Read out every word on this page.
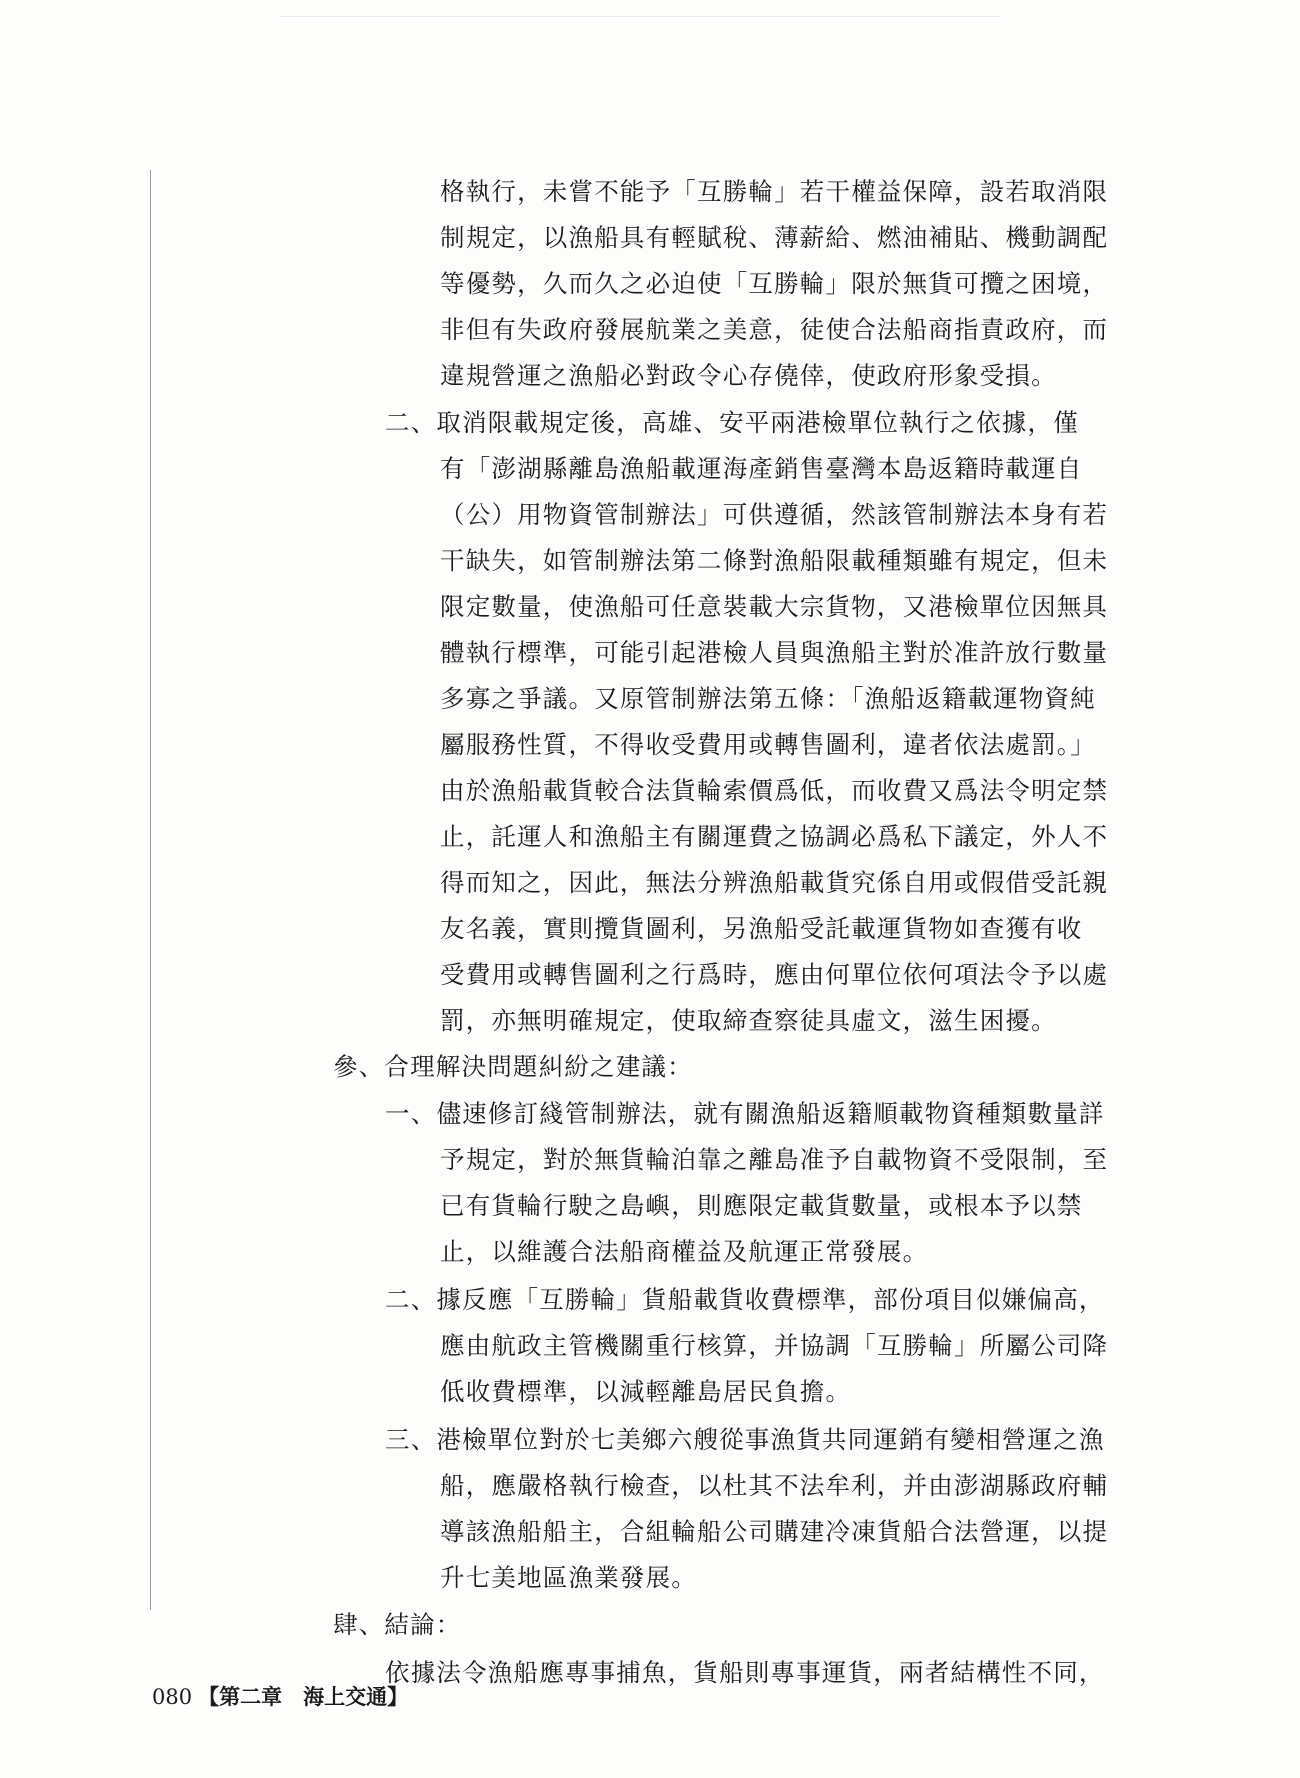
格執行，未嘗不能予「互勝輪」若干權益保障，設若取消限
制規定，以漁船具有輕賦稅、薄薪給、燃油補貼、機動調配
等優勢，久而久之必迫使「互勝輪」限於無貨可攬之困境，
非但有失政府發展航業之美意，徒使合法船商指責政府，而
違規營運之漁船必對政令心存僥倖，使政府形象受損。
二、取消限載規定後，高雄、安平兩港檢單位執行之依據，僅
有「澎湖縣離島漁船載運海產銷售臺灣本島返籍時載運自
（公）用物資管制辦法」可供遵循，然該管制辦法本身有若
干缺失，如管制辦法第二條對漁船限載種類雖有規定，但未
限定數量，使漁船可任意裝載大宗貨物，又港檢單位因無具
體執行標準，可能引起港檢人員與漁船主對於准許放行數量
多寡之爭議。又原管制辦法第五條：「漁船返籍載運物資純
屬服務性質，不得收受費用或轉售圖利，違者依法處罰。」
由於漁船載貨較合法貨輪索價爲低，而收費又爲法令明定禁
止，託運人和漁船主有關運費之協調必爲私下議定，外人不
得而知之，因此，無法分辨漁船載貨究係自用或假借受託親
友名義，實則攬貨圖利，另漁船受託載運貨物如查獲有收
受費用或轉售圖利之行爲時，應由何單位依何項法令予以處
罰，亦無明確規定，使取締查察徒具虛文，滋生困擾。
參、合理解決問題糾紛之建議：
一、儘速修訂綫管制辦法，就有關漁船返籍順載物資種類數量詳
予規定，對於無貨輪泊靠之離島准予自載物資不受限制，至
已有貨輪行駛之島嶼，則應限定載貨數量，或根本予以禁
止，以維護合法船商權益及航運正常發展。
二、據反應「互勝輪」貨船載貨收費標準，部份項目似嫌偏高，
應由航政主管機關重行核算，并協調「互勝輪」所屬公司降
低收費標準，以減輕離島居民負擔。
三、港檢單位對於七美鄉六艘從事漁貨共同運銷有變相營運之漁
船，應嚴格執行檢查，以杜其不法牟利，并由澎湖縣政府輔
導該漁船船主，合組輪船公司購建冷凍貨船合法營運，以提
升七美地區漁業發展。
肆、結論：
依據法令漁船應專事捕魚，貨船則專事運貨，兩者結構性不同，
080 【第二章　海上交通】
